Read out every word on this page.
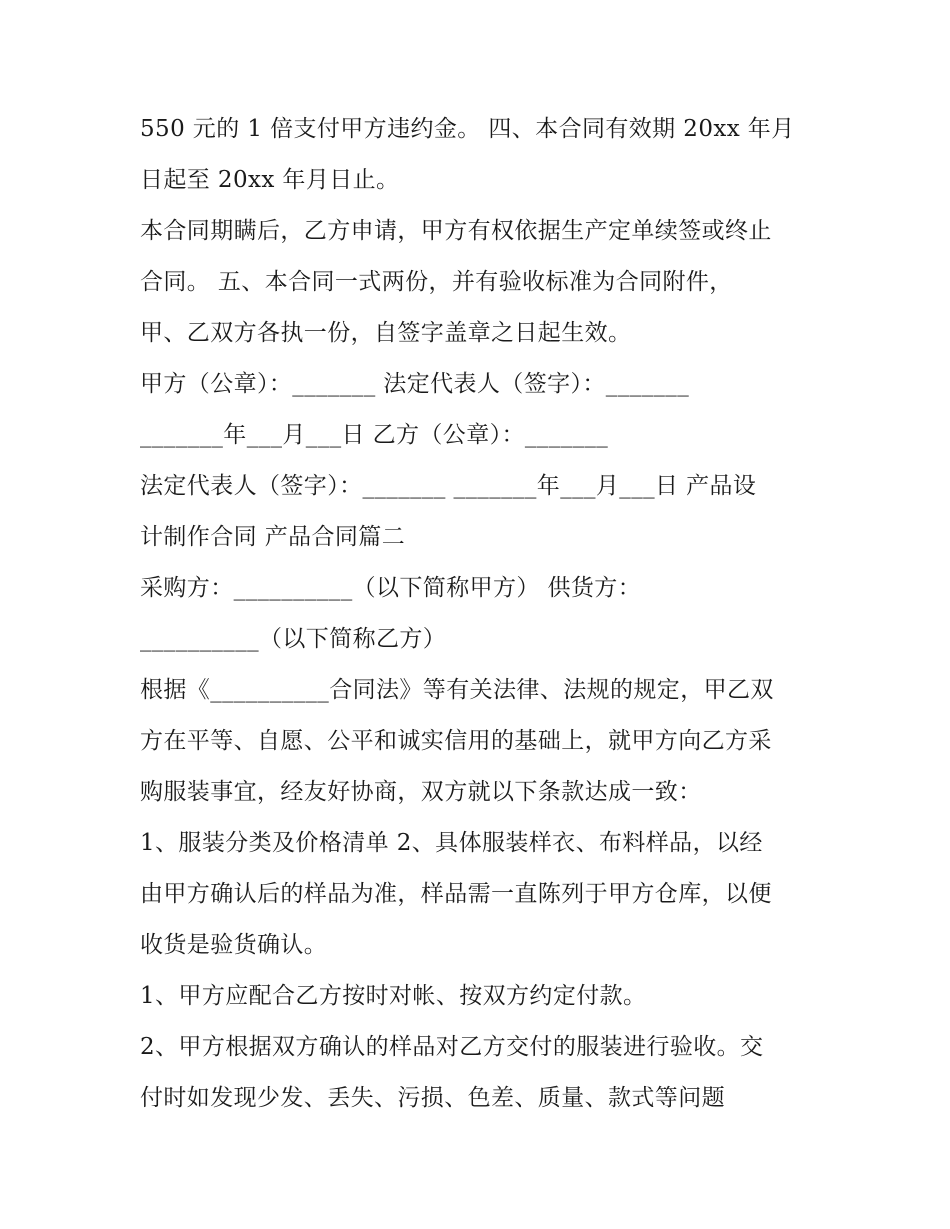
550 元的 1 倍支付甲方违约金。 四、本合同有效期 20xx 年月
日起至 20xx 年月日止。
本合同期瞒后，乙方申请，甲方有权依据生产定单续签或终止
合同。 五、本合同一式两份，并有验收标准为合同附件，
甲、乙双方各执一份，自签字盖章之日起生效。
甲方（公章）：_______ 法定代表人（签字）：_______
_______年___月___日 乙方（公章）：_______
法定代表人（签字）：_______ _______年___月___日 产品设
计制作合同 产品合同篇二
采购方：__________（以下简称甲方） 供货方：
__________（以下简称乙方）
根据《__________合同法》等有关法律、法规的规定，甲乙双
方在平等、自愿、公平和诚实信用的基础上，就甲方向乙方采
购服装事宜，经友好协商，双方就以下条款达成一致：
1、服装分类及价格清单 2、具体服装样衣、布料样品，以经
由甲方确认后的样品为准，样品需一直陈列于甲方仓库，以便
收货是验货确认。
1、甲方应配合乙方按时对帐、按双方约定付款。
2、甲方根据双方确认的样品对乙方交付的服装进行验收。交
付时如发现少发、丢失、污损、色差、质量、款式等问题
